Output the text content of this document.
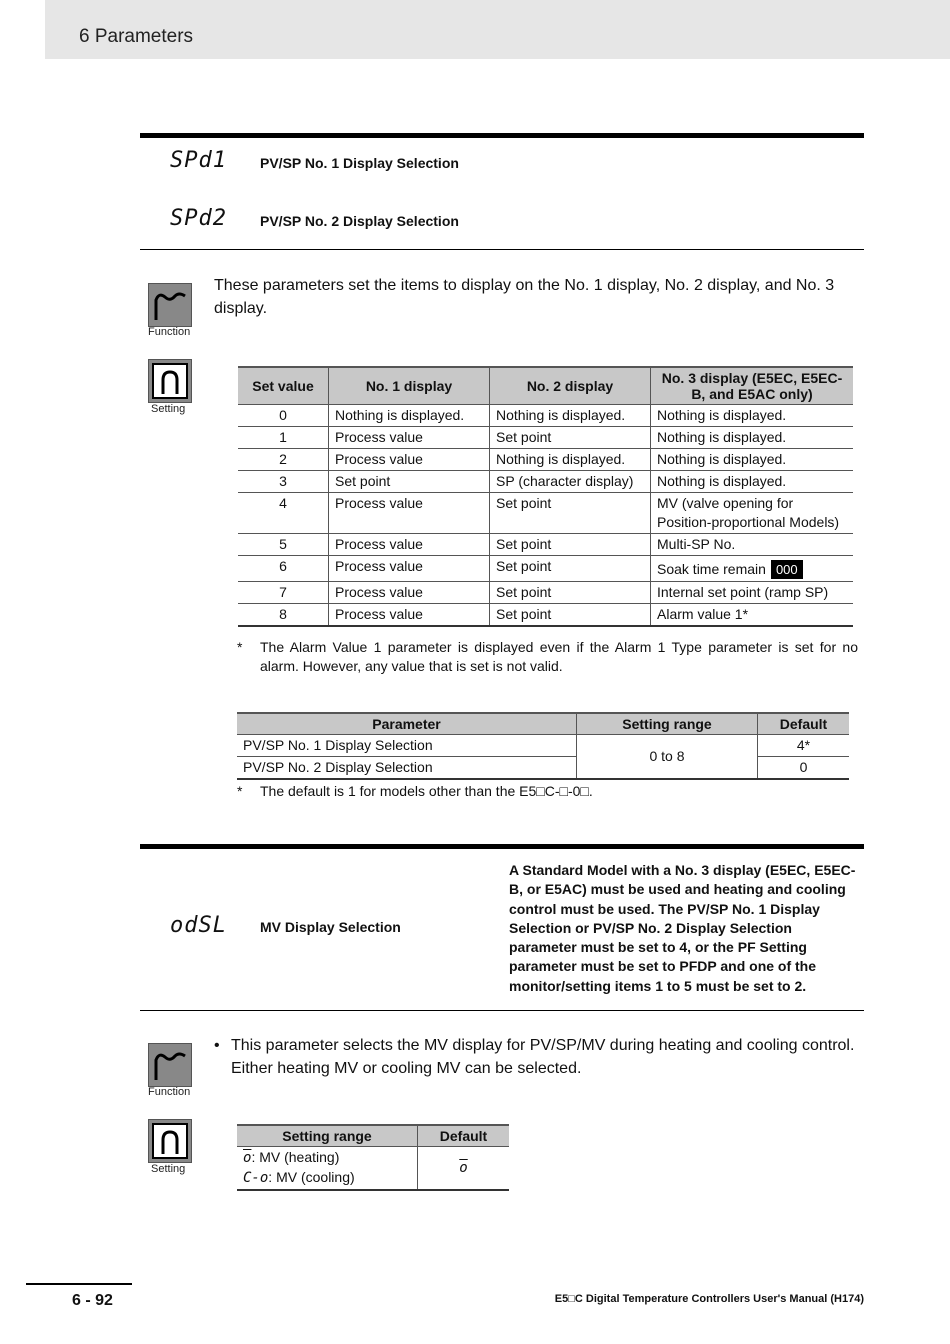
6 Parameters
SPd1 PV/SP No. 1 Display Selection
SPd2 PV/SP No. 2 Display Selection
Function
These parameters set the items to display on the No. 1 display, No. 2 display, and No. 3 display.
Setting
Set value	No. 1 display	No. 2 display	No. 3 display (E5EC, E5EC-B, and E5AC only)
0	Nothing is displayed.	Nothing is displayed.	Nothing is displayed.
1	Process value	Set point	Nothing is displayed.
2	Process value	Nothing is displayed.	Nothing is displayed.
3	Set point	SP (character display)	Nothing is displayed.
4	Process value	Set point	MV (valve opening for Position-proportional Models)
5	Process value	Set point	Multi-SP No.
6	Process value	Set point	Soak time remain 000
7	Process value	Set point	Internal set point (ramp SP)
8	Process value	Set point	Alarm value 1*
* The Alarm Value 1 parameter is displayed even if the Alarm 1 Type parameter is set for no alarm. However, any value that is set is not valid.
Parameter	Setting range	Default
PV/SP No. 1 Display Selection	0 to 8	4*
PV/SP No. 2 Display Selection		0
* The default is 1 for models other than the E5□C-□-0□.
odSL MV Display Selection
A Standard Model with a No. 3 display (E5EC, E5EC-B, or E5AC) must be used and heating and cooling control must be used. The PV/SP No. 1 Display Selection or PV/SP No. 2 Display Selection parameter must be set to 4, or the PF Setting parameter must be set to PFDP and one of the monitor/setting items 1 to 5 must be set to 2.
Function
• This parameter selects the MV display for PV/SP/MV during heating and cooling control. Either heating MV or cooling MV can be selected.
Setting
Setting range	Default

$\overline{o}$: MV (heating)
C-o: MV (cooling)	$\overline{o}$
6 - 92	E5□C Digital Temperature Controllers User's Manual (H174)
